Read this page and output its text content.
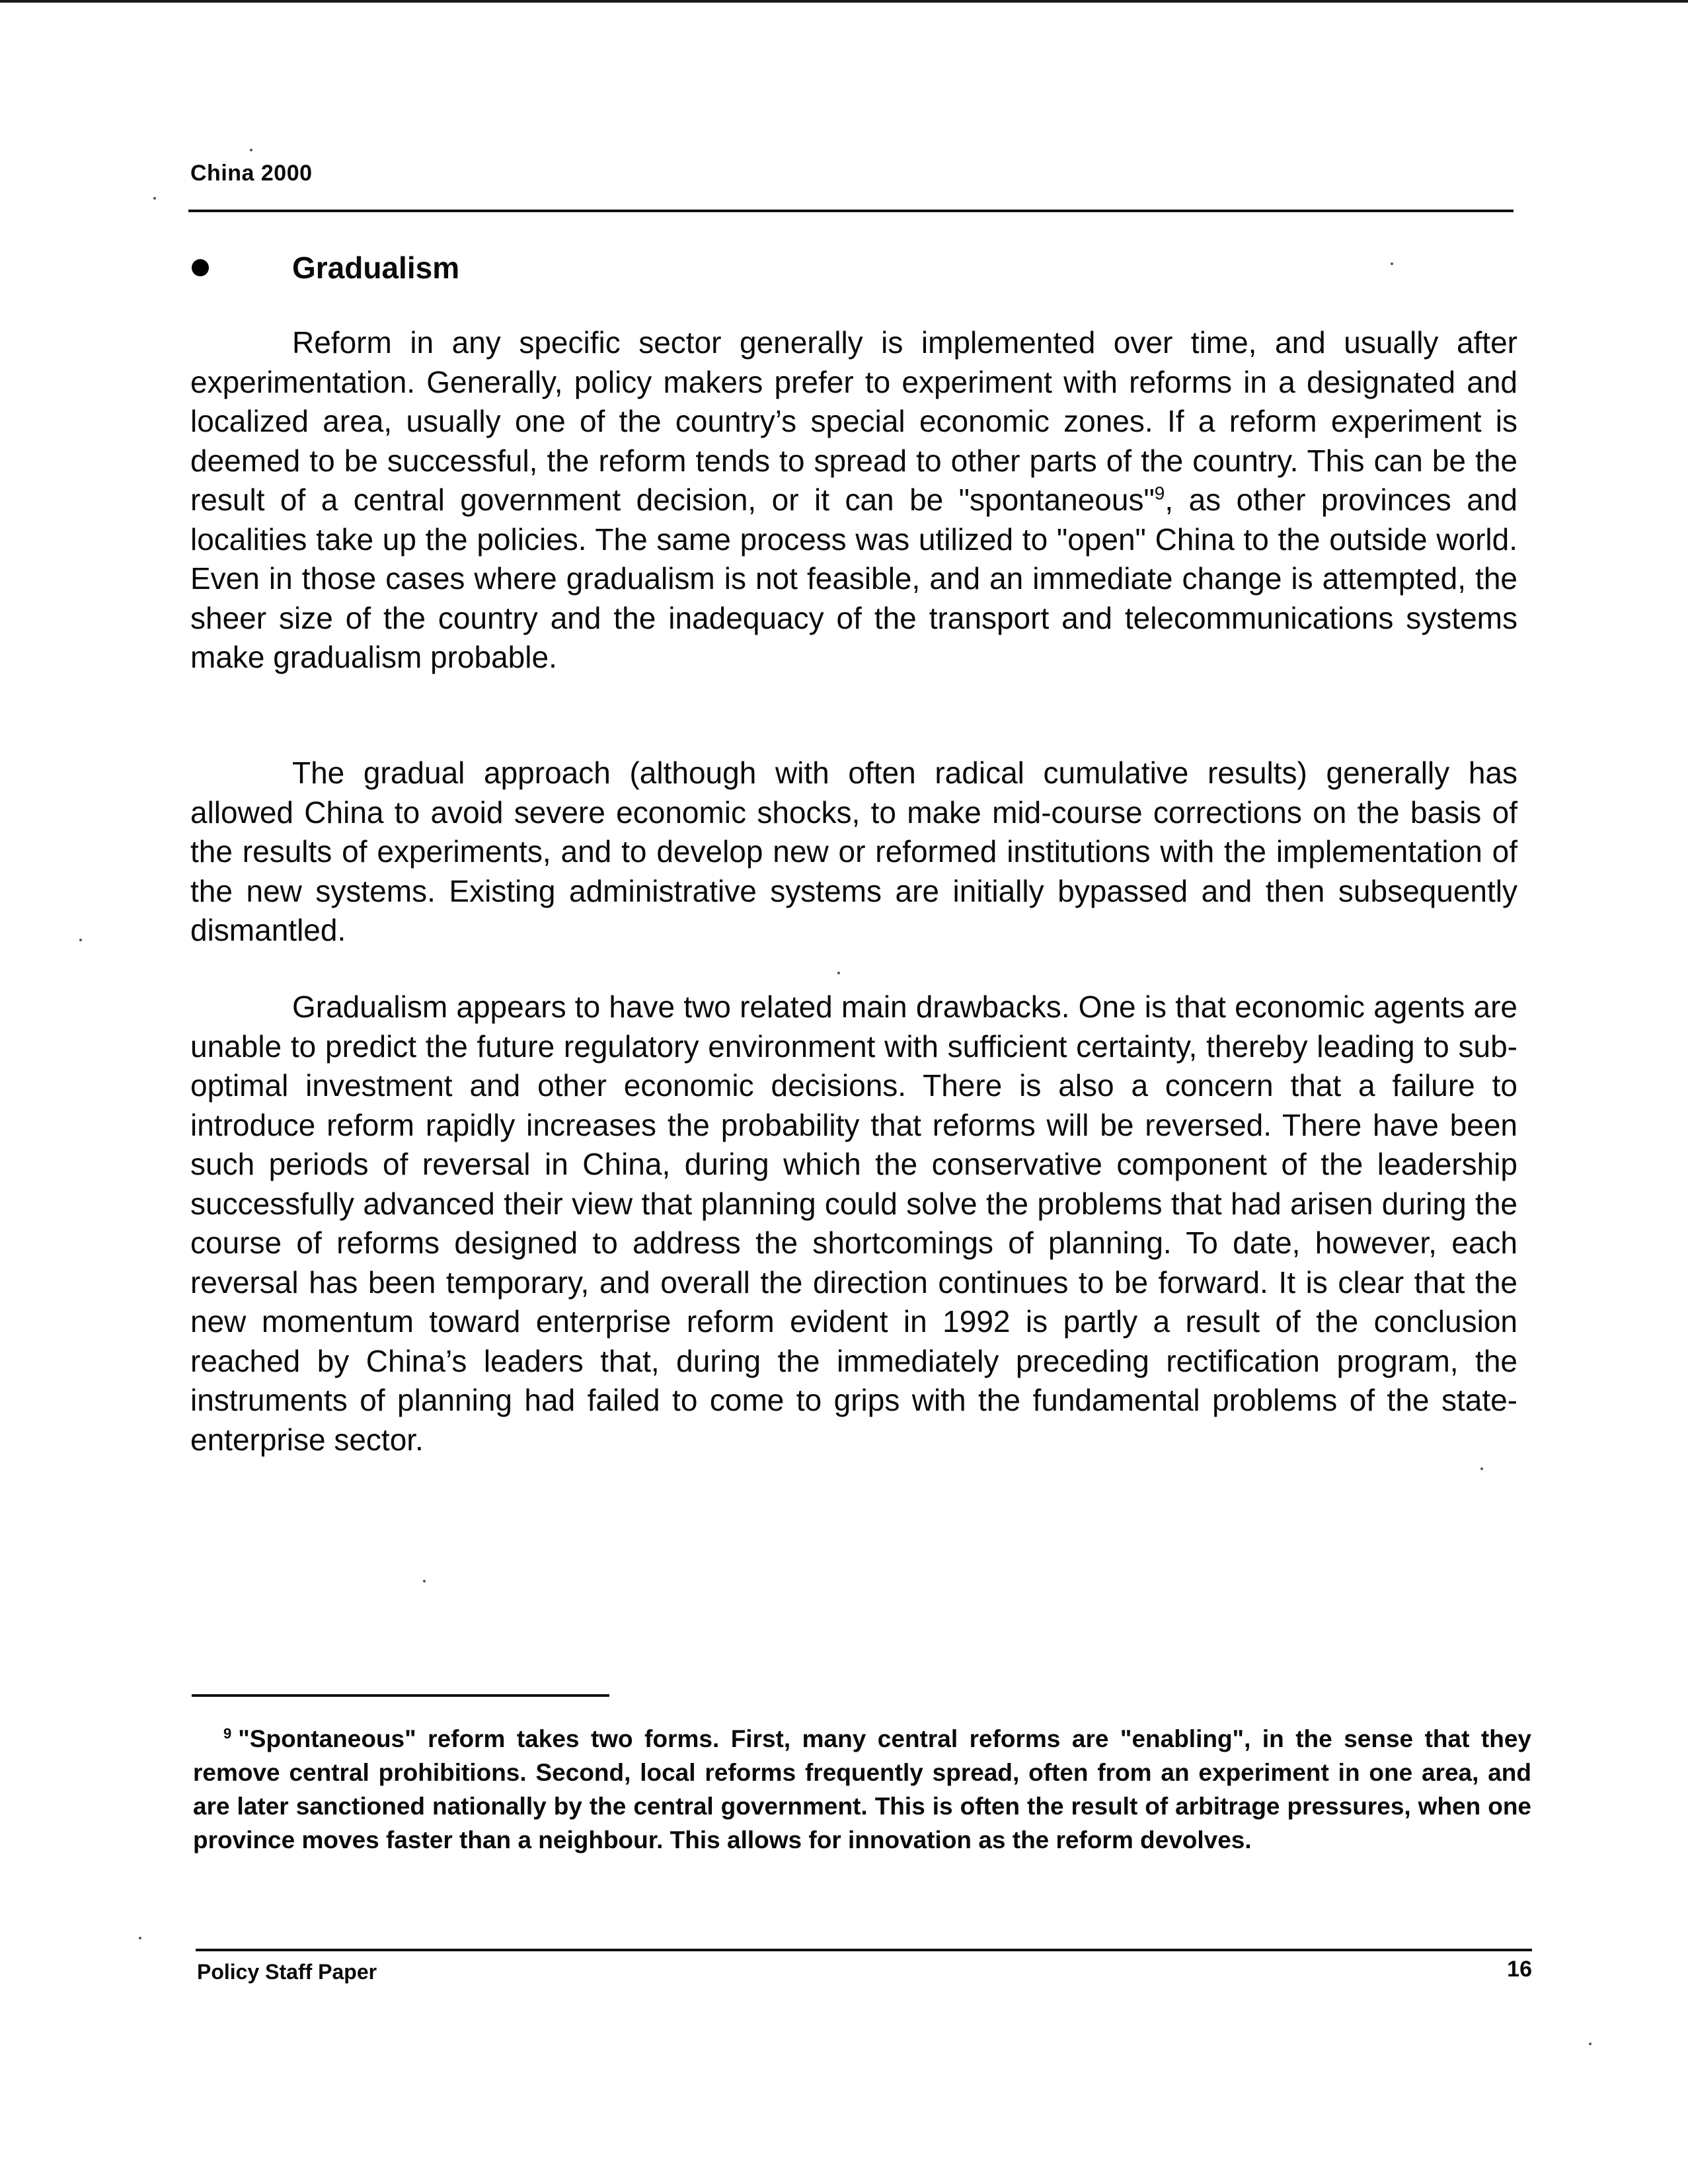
China 2000
Gradualism

Reform in any specific sector generally is implemented over time, and usually after experimentation. Generally, policy makers prefer to experiment with reforms in a designated and localized area, usually one of the country’s special economic zones. If a reform experiment is deemed to be successful, the reform tends to spread to other parts of the country. This can be the result of a central government decision, or it can be "spontaneous"$^9$, as other provinces and localities take up the policies. The same process was utilized to "open" China to the outside world. Even in those cases where gradualism is not feasible, and an immediate change is attempted, the sheer size of the country and the inadequacy of the transport and telecommunications systems make gradualism probable.

The gradual approach (although with often radical cumulative results) generally has allowed China to avoid severe economic shocks, to make mid-course corrections on the basis of the results of experiments, and to develop new or reformed institutions with the implementation of the new systems. Existing administrative systems are initially bypassed and then subsequently dismantled.

Gradualism appears to have two related main drawbacks. One is that economic agents are unable to predict the future regulatory environment with sufficient certainty, thereby leading to sub-optimal investment and other economic decisions. There is also a concern that a failure to introduce reform rapidly increases the probability that reforms will be reversed. There have been such periods of reversal in China, during which the conservative component of the leadership successfully advanced their view that planning could solve the problems that had arisen during the course of reforms designed to address the shortcomings of planning. To date, however, each reversal has been temporary, and overall the direction continues to be forward. It is clear that the new momentum toward enterprise reform evident in 1992 is partly a result of the conclusion reached by China’s leaders that, during the immediately preceding rectification program, the instruments of planning had failed to come to grips with the fundamental problems of the state-enterprise sector.

$^9$ "Spontaneous" reform takes two forms. First, many central reforms are "enabling", in the sense that they remove central prohibitions. Second, local reforms frequently spread, often from an experiment in one area, and are later sanctioned nationally by the central government. This is often the result of arbitrage pressures, when one province moves faster than a neighbour. This allows for innovation as the reform devolves.

Policy Staff Paper	16
